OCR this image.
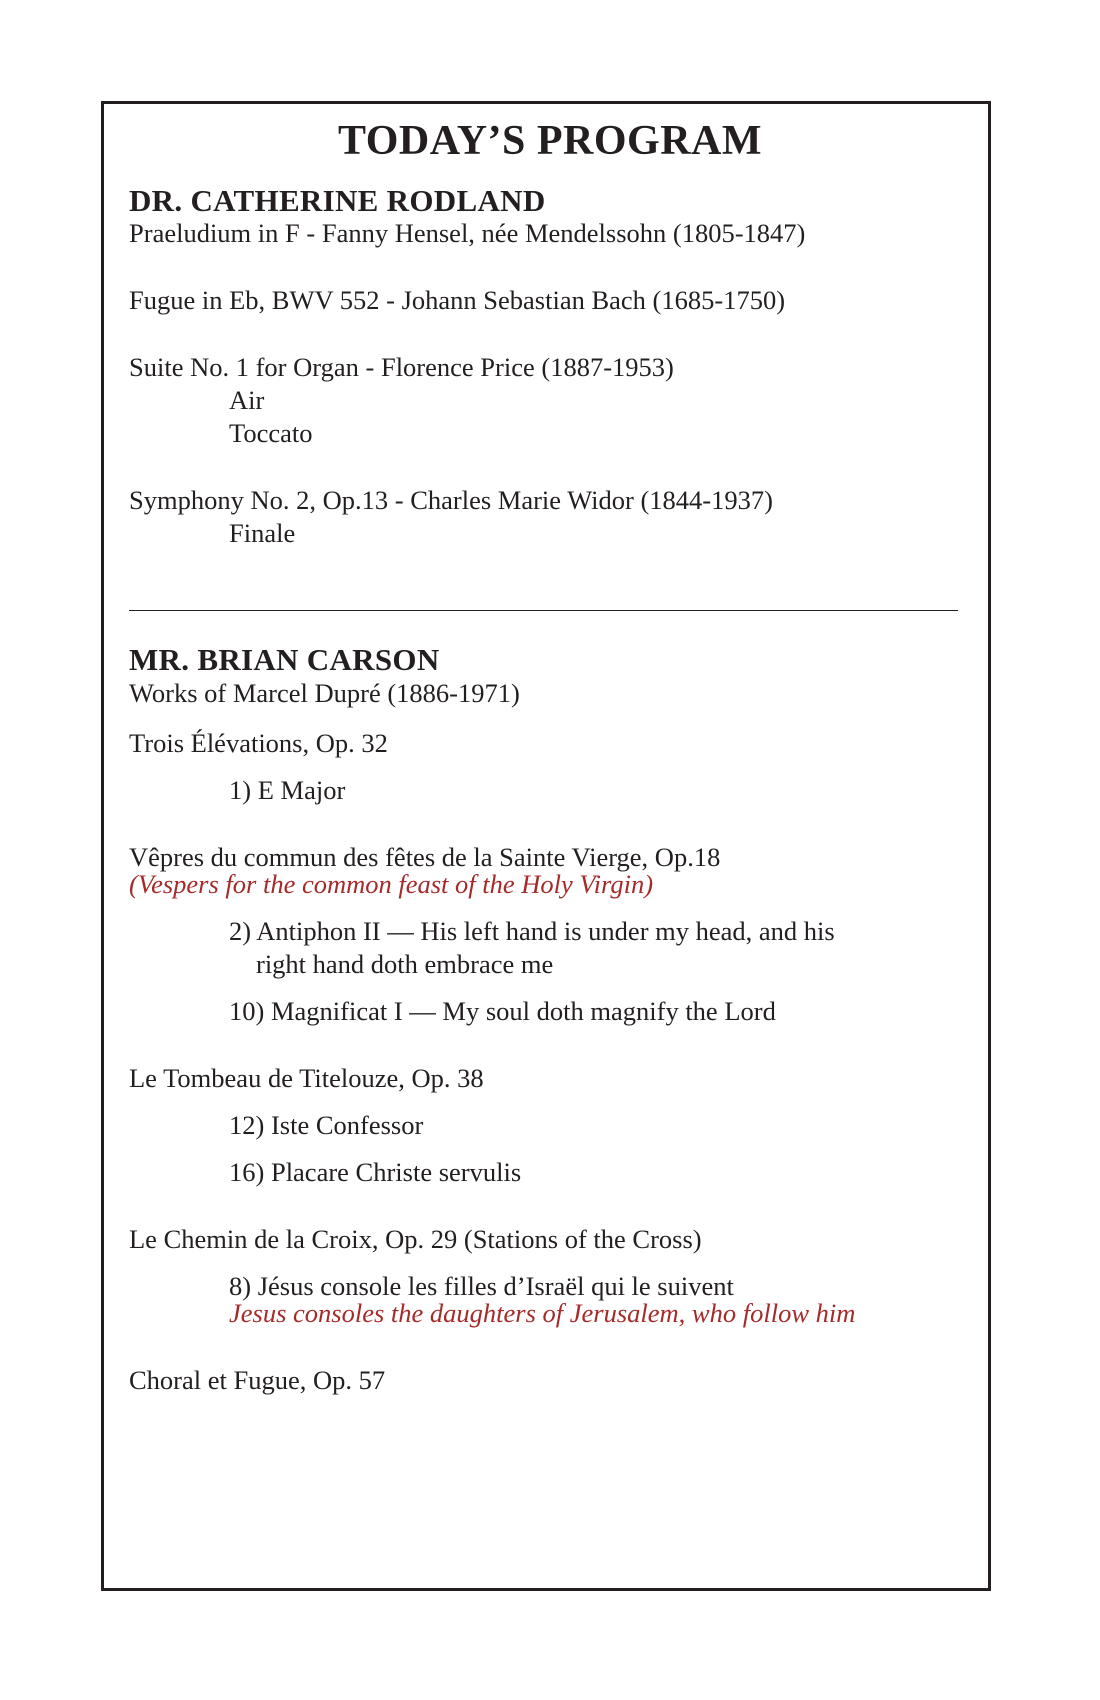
TODAY’S PROGRAM
DR. CATHERINE RODLAND
Praeludium in F - Fanny Hensel, née Mendelssohn (1805-1847)
Fugue in Eb, BWV 552 - Johann Sebastian Bach (1685-1750)
Suite No. 1 for Organ - Florence Price (1887-1953)
Air
Toccato
Symphony No. 2, Op.13 - Charles Marie Widor (1844-1937)
Finale
MR. BRIAN CARSON
Works of Marcel Dupré (1886-1971)
Trois Élévations, Op. 32
1) E Major
Vêpres du commun des fêtes de la Sainte Vierge, Op.18
(Vespers for the common feast of the Holy Virgin)
2) Antiphon II — His left hand is under my head, and his
right hand doth embrace me
10) Magnificat I — My soul doth magnify the Lord
Le Tombeau de Titelouze, Op. 38
12) Iste Confessor
16) Placare Christe servulis
Le Chemin de la Croix, Op. 29 (Stations of the Cross)
8) Jésus console les filles d’Israël qui le suivent
Jesus consoles the daughters of Jerusalem, who follow him
Choral et Fugue, Op. 57
